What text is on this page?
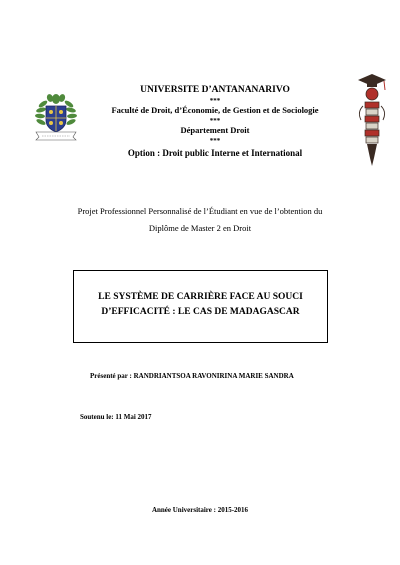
UNIVERSITE D’ANTANANARIVO
***
Faculté de Droit, d’Économie, de Gestion et de Sociologie
***
Département Droit
***
Option : Droit public Interne et International
Projet Professionnel Personnalisé de l’Étudiant en vue de l’obtention du
Diplôme de Master 2 en Droit
LE SYSTÈME DE CARRIÈRE FACE AU SOUCI
D’EFFICACITÉ : LE CAS DE MADAGASCAR
Présenté par : RANDRIANTSOA RAVONIRINA MARIE SANDRA
Soutenu le: 11 Mai 2017
Année Universitaire : 2015-2016
